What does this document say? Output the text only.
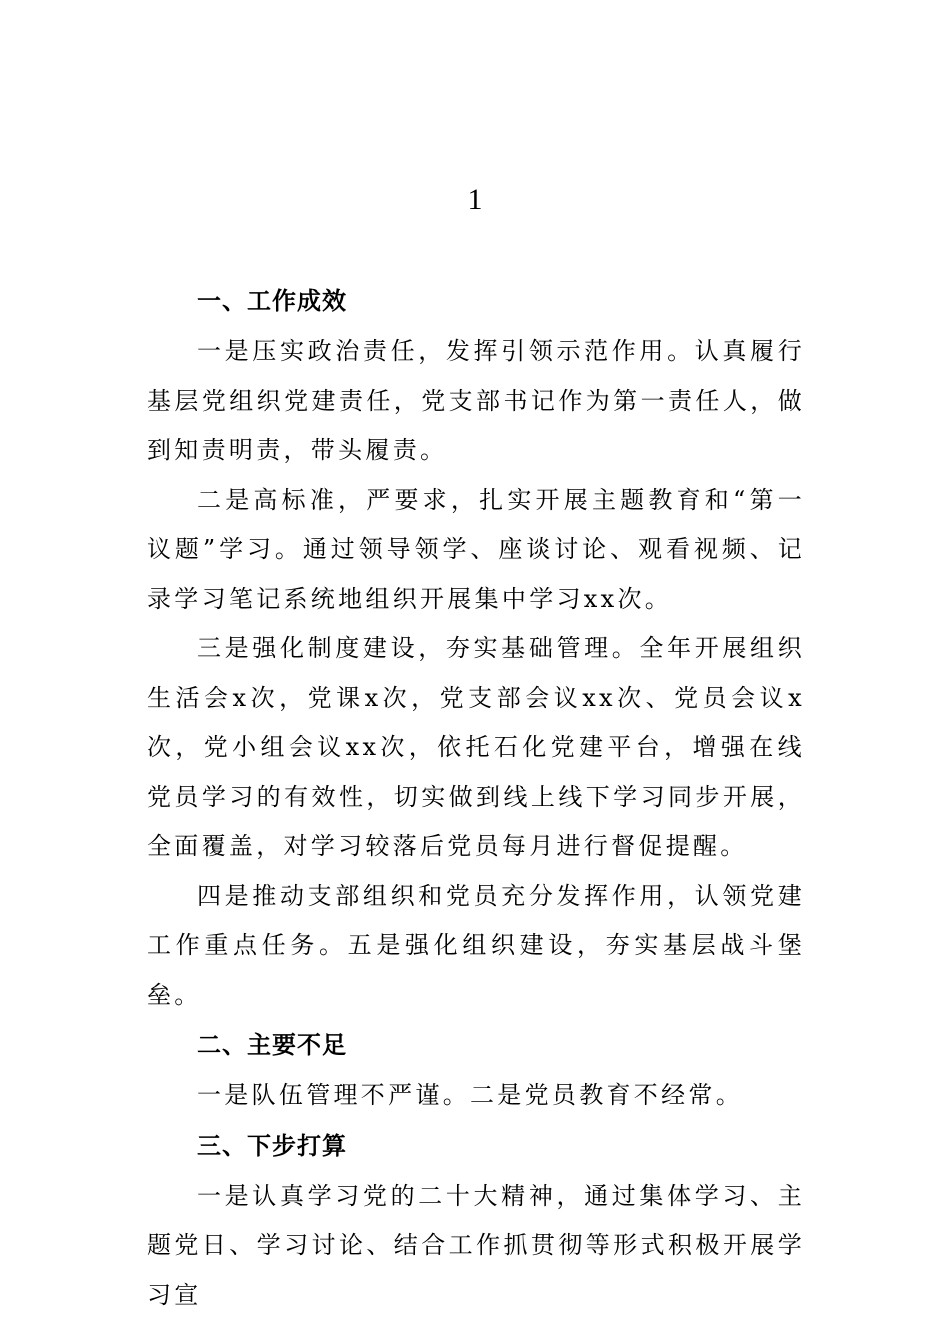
1
一、工作成效

一是压实政治责任，发挥引领示范作用。认真履行基层党组织党建责任，党支部书记作为第一责任人，做到知责明责，带头履责。

二是高标准，严要求，扎实开展主题教育和“第一议题”学习。通过领导领学、座谈讨论、观看视频、记录学习笔记系统地组织开展集中学习xx次。

三是强化制度建设，夯实基础管理。全年开展组织生活会x次，党课x次，党支部会议xx次、党员会议x次，党小组会议xx次，依托石化党建平台，增强在线党员学习的有效性，切实做到线上线下学习同步开展，全面覆盖，对学习较落后党员每月进行督促提醒。

四是推动支部组织和党员充分发挥作用，认领党建工作重点任务。五是强化组织建设，夯实基层战斗堡垒。

二、主要不足

一是队伍管理不严谨。二是党员教育不经常。

三、下步打算

一是认真学习党的二十大精神，通过集体学习、主题党日、学习讨论、结合工作抓贯彻等形式积极开展学习宣
